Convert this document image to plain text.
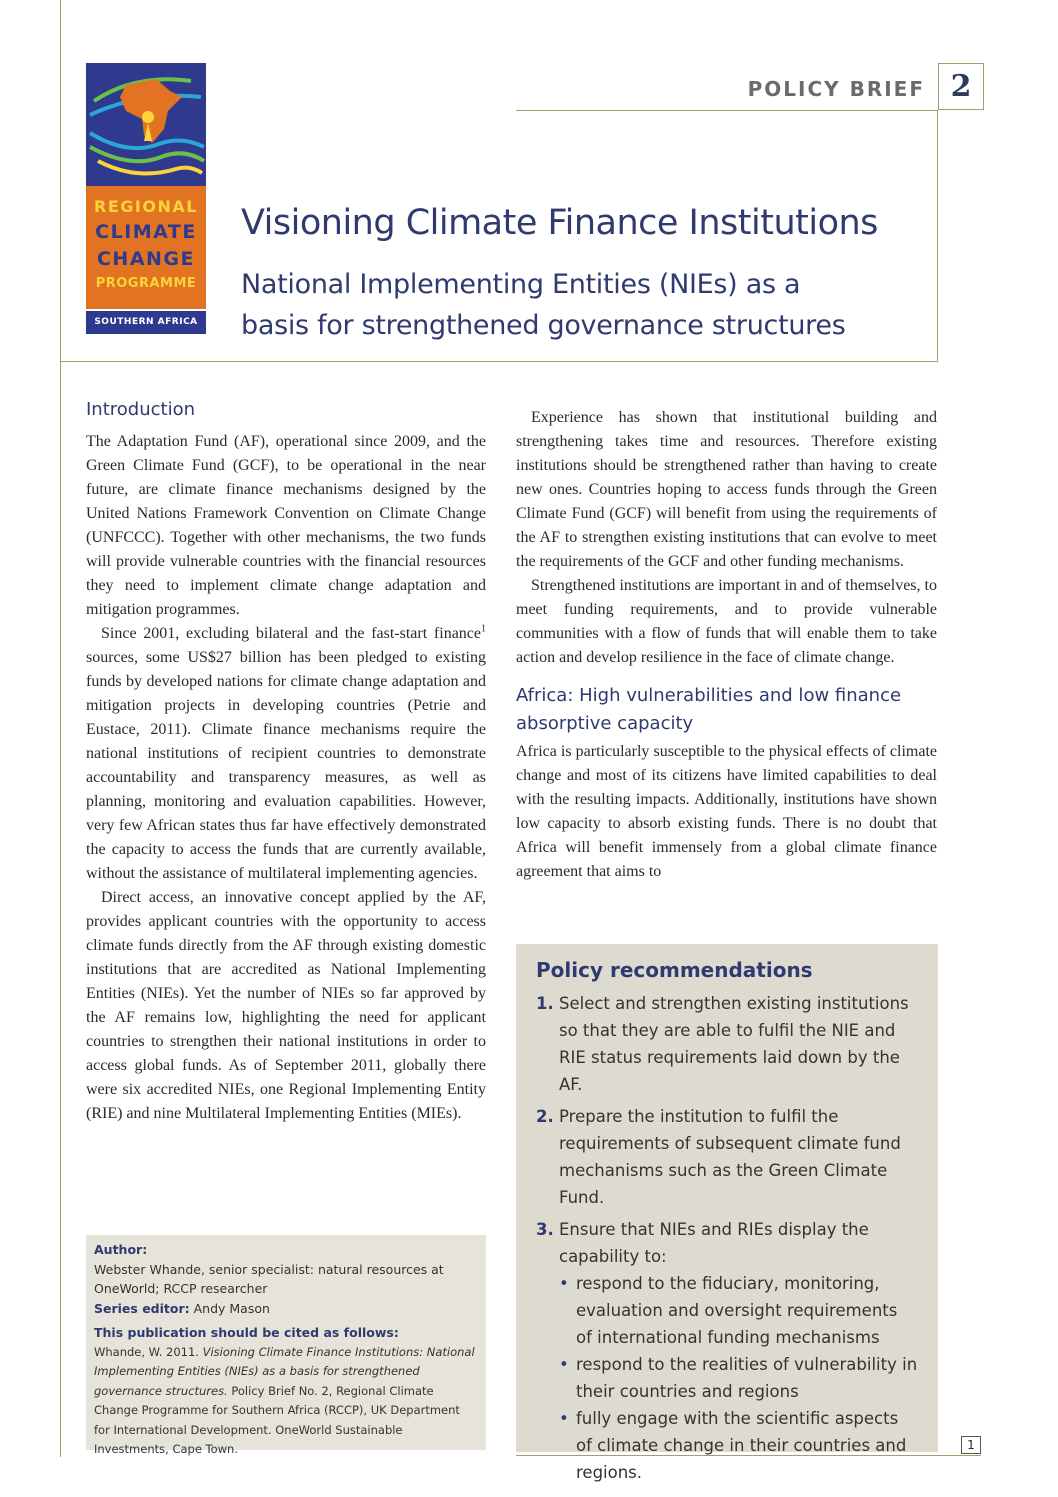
REGIONAL
CLIMATE
CHANGE
PROGRAMME
SOUTHERN AFRICA
POLICY BRIEF 2
Visioning Climate Finance Institutions
National Implementing Entities (NIEs) as a
basis for strengthened governance structures
Introduction

The Adaptation Fund (AF), operational since 2009, and the Green Climate Fund (GCF), to be operational in the near future, are climate finance mechanisms designed by the United Nations Framework Convention on Climate Change (UNFCCC). Together with other mechanisms, the two funds will provide vulnerable countries with the financial resources they need to implement climate change adaptation and mitigation programmes.

Since 2001, excluding bilateral and the fast-start finance$^1$ sources, some US$27 billion has been pledged to existing funds by developed nations for climate change adaptation and mitigation projects in developing countries (Petrie and Eustace, 2011). Climate finance mechanisms require the national institutions of recipient countries to demonstrate accountability and transparency measures, as well as planning, monitoring and evaluation capabilities. However, very few African states thus far have effectively demonstrated the capacity to access the funds that are currently available, without the assistance of multilateral implementing agencies.

Direct access, an innovative concept applied by the AF, provides applicant countries with the opportunity to access climate funds directly from the AF through existing domestic institutions that are accredited as National Implementing Entities (NIEs). Yet the number of NIEs so far approved by the AF remains low, highlighting the need for applicant countries to strengthen their national institutions in order to access global funds. As of September 2011, globally there were six accredited NIEs, one Regional Implementing Entity (RIE) and nine Multilateral Implementing Entities (MIEs).

Author:
Webster Whande, senior specialist: natural resources at OneWorld; RCCP researcher
Series editor: Andy Mason
This publication should be cited as follows:
Whande, W. 2011. Visioning Climate Finance Institutions: National Implementing Entities (NIEs) as a basis for strengthened governance structures. Policy Brief No. 2, Regional Climate Change Programme for Southern Africa (RCCP), UK Department for International Development. OneWorld Sustainable Investments, Cape Town.

Experience has shown that institutional building and strengthening takes time and resources. Therefore existing institutions should be strengthened rather than having to create new ones. Countries hoping to access funds through the Green Climate Fund (GCF) will benefit from using the requirements of the AF to strengthen existing institutions that can evolve to meet the requirements of the GCF and other funding mechanisms.

Strengthened institutions are important in and of themselves, to meet funding requirements, and to provide vulnerable communities with a flow of funds that will enable them to take action and develop resilience in the face of climate change.

Africa: High vulnerabilities and low finance absorptive capacity

Africa is particularly susceptible to the physical effects of climate change and most of its citizens have limited capabilities to deal with the resulting impacts. Additionally, institutions have shown low capacity to absorb existing funds. There is no doubt that Africa will benefit immensely from a global climate finance agreement that aims to

Policy recommendations
1. Select and strengthen existing institutions so that they are able to fulfil the NIE and RIE status requirements laid down by the AF.
2. Prepare the institution to fulfil the requirements of subsequent climate fund mechanisms such as the Green Climate Fund.
3. Ensure that NIEs and RIEs display the capability to:
• respond to the fiduciary, monitoring, evaluation and oversight requirements of international funding mechanisms
• respond to the realities of vulnerability in their countries and regions
• fully engage with the scientific aspects of climate change in their countries and regions.
1
